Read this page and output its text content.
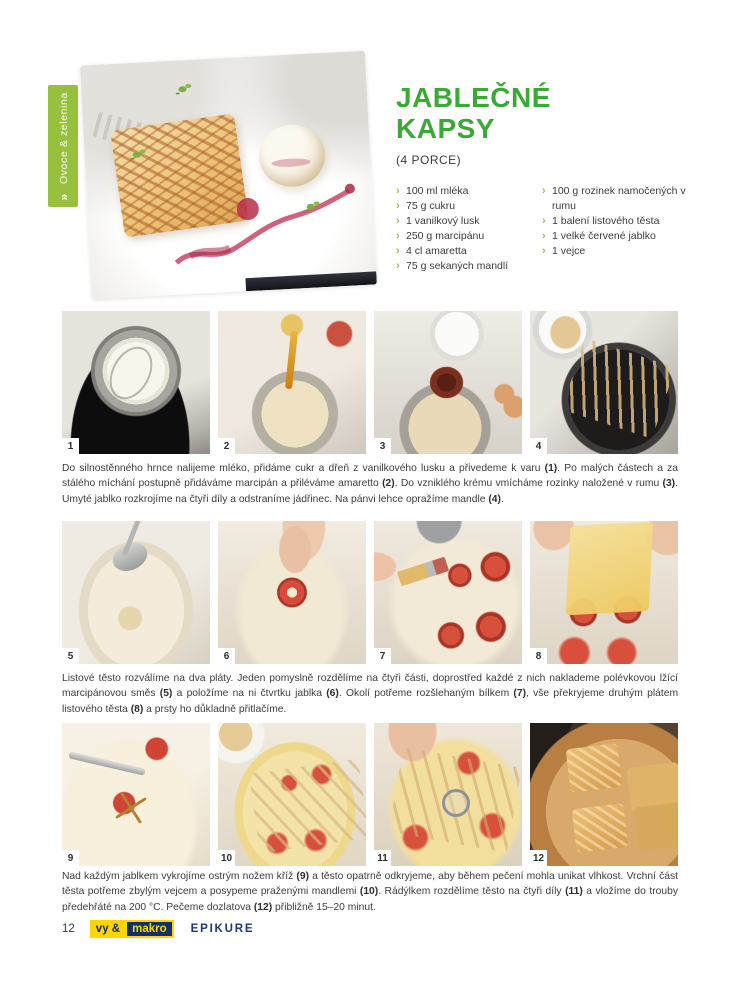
»
Ovoce & zelenina	JABLEČNÉ
KAPSY
(4 PORCE)
› 100 ml mléka
› 75 g cukru
› 1 vanilkový lusk
› 250 g marcipánu
› 4 cl amaretta
› 75 g sekaných mandlí
› 100 g rozinek namočených v rumu
› 1 balení listového těsta
› 1 velké červené jablko
› 1 vejce
1	2	3	4

Do silnostěnného hrnce nalijeme mléko, přidáme cukr a dřeň z vanilkového lusku a přivedeme k varu (1). Po malých částech a za stálého míchání postupně přidáváme marcipán a přiléváme amaretto (2). Do vzniklého krému vmícháme rozinky naložené v rumu (3). Umyté jablko rozkrojíme na čtyři díly a odstraníme jádřinec. Na pánvi lehce opražíme mandle (4).

5	6	7	8

Listové těsto rozválíme na dva pláty. Jeden pomyslně rozdělíme na čtyři části, doprostřed každé z nich naklademe polévkovou lžící marcipánovou směs (5) a položíme na ni čtvrtku jablka (6). Okolí potřeme rozšlehaným bílkem (7), vše překryjeme druhým plátem listového těsta (8) a prsty ho důkladně přitlačíme.

9	10	11	12

Nad každým jablkem vykrojíme ostrým nožem kříž (9) a těsto opatrně odkryjeme, aby během pečení mohla unikat vlhkost. Vrchní část těsta potřeme zbylým vejcem a posypeme praženými mandlemi (10). Rádýlkem rozdělíme těsto na čtyři díly (11) a vložíme do trouby předehřáté na 200 °C. Pečeme dozlatova (12) přibližně 15–20 minut.

12	vy &	makro	EPIKURE
